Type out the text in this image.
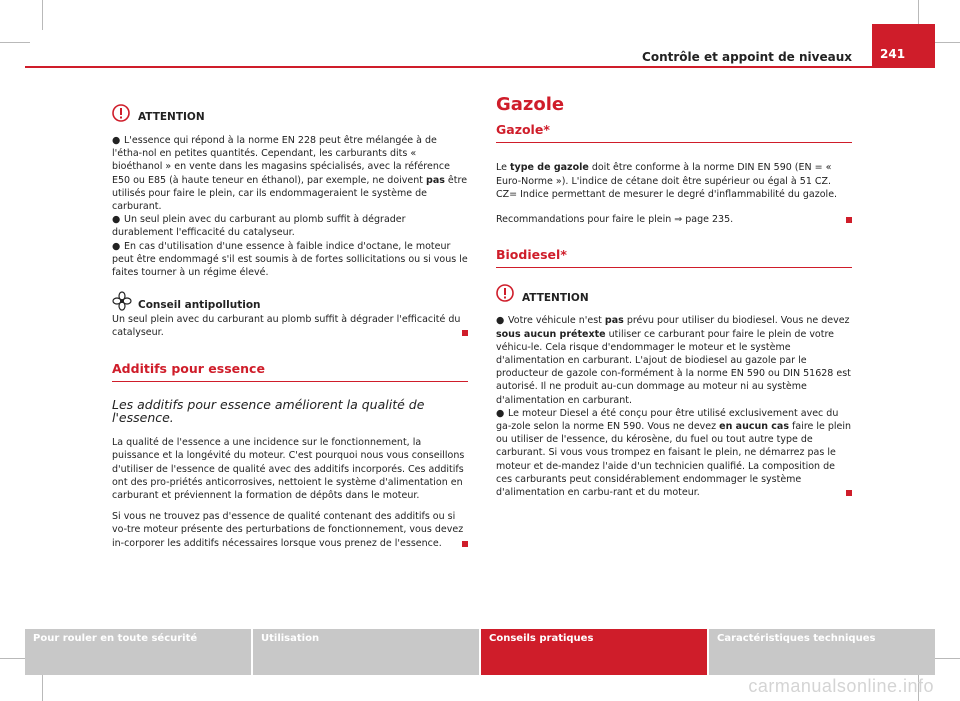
Contrôle et appoint de niveaux 241
ATTENTION

● L'essence qui répond à la norme EN 228 peut être mélangée à de l'étha-nol en petites quantités. Cependant, les carburants dits « bioéthanol » en vente dans les magasins spécialisés, avec la référence E50 ou E85 (à haute teneur en éthanol), par exemple, ne doivent pas être utilisés pour faire le plein, car ils endommageraient le système de carburant.

● Un seul plein avec du carburant au plomb suffit à dégrader durablement l'efficacité du catalyseur.

● En cas d'utilisation d'une essence à faible indice d'octane, le moteur peut être endommagé s'il est soumis à de fortes sollicitations ou si vous le faites tourner à un régime élevé.

Conseil antipollution

Un seul plein avec du carburant au plomb suffit à dégrader l'efficacité du catalyseur.

Additifs pour essence
Les additifs pour essence améliorent la qualité de l'essence.

La qualité de l'essence a une incidence sur le fonctionnement, la puissance et la longévité du moteur. C'est pourquoi nous vous conseillons d'utiliser de l'essence de qualité avec des additifs incorporés. Ces additifs ont des pro-priétés anticorrosives, nettoient le système d'alimentation en carburant et préviennent la formation de dépôts dans le moteur.

Si vous ne trouvez pas d'essence de qualité contenant des additifs ou si vo-tre moteur présente des perturbations de fonctionnement, vous devez in-corporer les additifs nécessaires lorsque vous prenez de l'essence.

Gazole
Gazole*

Le type de gazole doit être conforme à la norme DIN EN 590 (EN = « Euro-Norme »). L'indice de cétane doit être supérieur ou égal à 51 CZ. CZ= Indice permettant de mesurer le degré d'inflammabilité du gazole.

Recommandations pour faire le plein ⇒ page 235.

Biodiesel*
ATTENTION

● Votre véhicule n'est pas prévu pour utiliser du biodiesel. Vous ne devez sous aucun prétexte utiliser ce carburant pour faire le plein de votre véhicu-le. Cela risque d'endommager le moteur et le système d'alimentation en carburant. L'ajout de biodiesel au gazole par le producteur de gazole con-formément à la norme EN 590 ou DIN 51628 est autorisé. Il ne produit au-cun dommage au moteur ni au système d'alimentation en carburant.

● Le moteur Diesel a été conçu pour être utilisé exclusivement avec du ga-zole selon la norme EN 590. Vous ne devez en aucun cas faire le plein ou utiliser de l'essence, du kérosène, du fuel ou tout autre type de carburant. Si vous vous trompez en faisant le plein, ne démarrez pas le moteur et de-mandez l'aide d'un technicien qualifié. La composition de ces carburants peut considérablement endommager le système d'alimentation en carbu-rant et du moteur.

Pour rouler en toute sécurité	Utilisation	Conseils pratiques	Caractéristiques techniques
carmanualsonline.info
